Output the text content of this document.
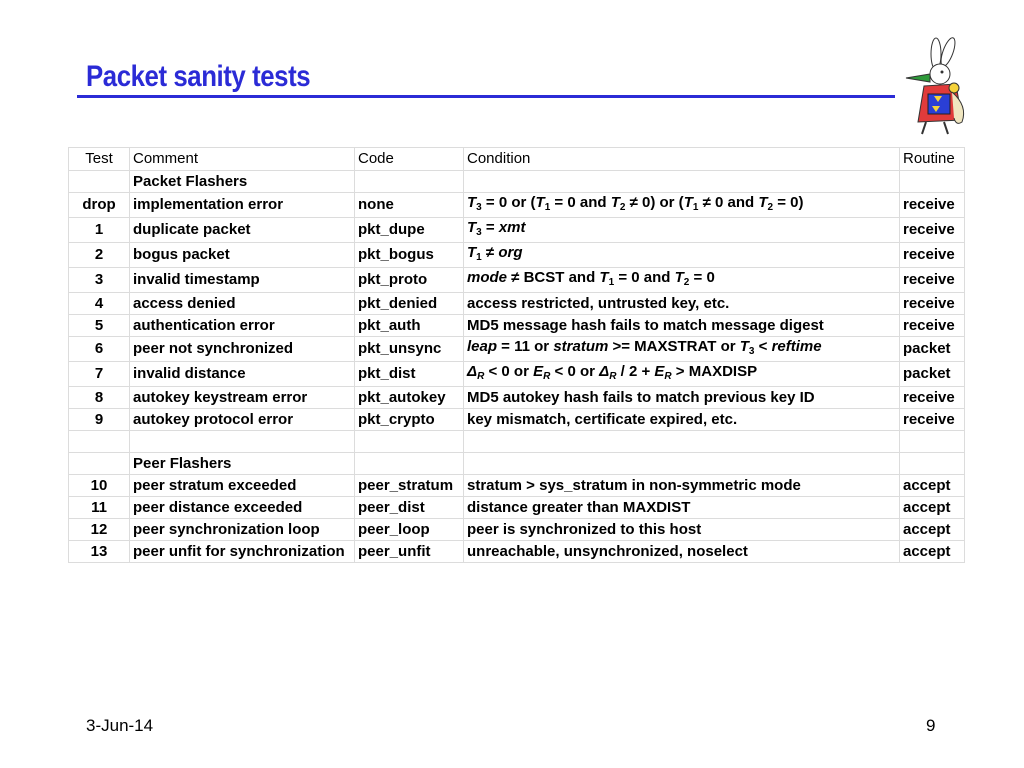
Packet sanity tests
Test	Comment	Code	Condition	Routine
	Packet Flashers			
drop	implementation error	none	$T_3 = 0$ or ($T_1 = 0$ and $T_2 \ne 0$) or ($T_1 \ne 0$ and $T_2 = 0$)	receive
1	duplicate packet	pkt_dupe	$T_3$ = xmt	receive
2	bogus packet	pkt_bogus	$T_1$ ≠ org	receive
3	invalid timestamp	pkt_proto	mode ≠ BCST and $T_1 = 0$ and $T_2 = 0$	receive
4	access denied	pkt_denied	access restricted, untrusted key, etc.	receive
5	authentication error	pkt_auth	MD5 message hash fails to match message digest	receive
6	peer not synchronized	pkt_unsync	leap = 11 or stratum >= MAXSTRAT or $T_3$ < reftime	packet
7	invalid distance	pkt_dist	$\Delta_R < 0$ or $E_R < 0$ or $\Delta_R / 2 + E_R$ > MAXDISP	packet
8	autokey keystream error	pkt_autokey	MD5 autokey hash fails to match previous key ID	receive
9	autokey protocol error	pkt_crypto	key mismatch, certificate expired, etc.	receive

	Peer Flashers			
10	peer stratum exceeded	peer_stratum	stratum > sys_stratum in non-symmetric mode	accept
11	peer distance exceeded	peer_dist	distance greater than MAXDIST	accept
12	peer synchronization loop	peer_loop	peer is synchronized to this host	accept
13	peer unfit for synchronization	peer_unfit	unreachable, unsynchronized, noselect	accept
3-Jun-14	9
